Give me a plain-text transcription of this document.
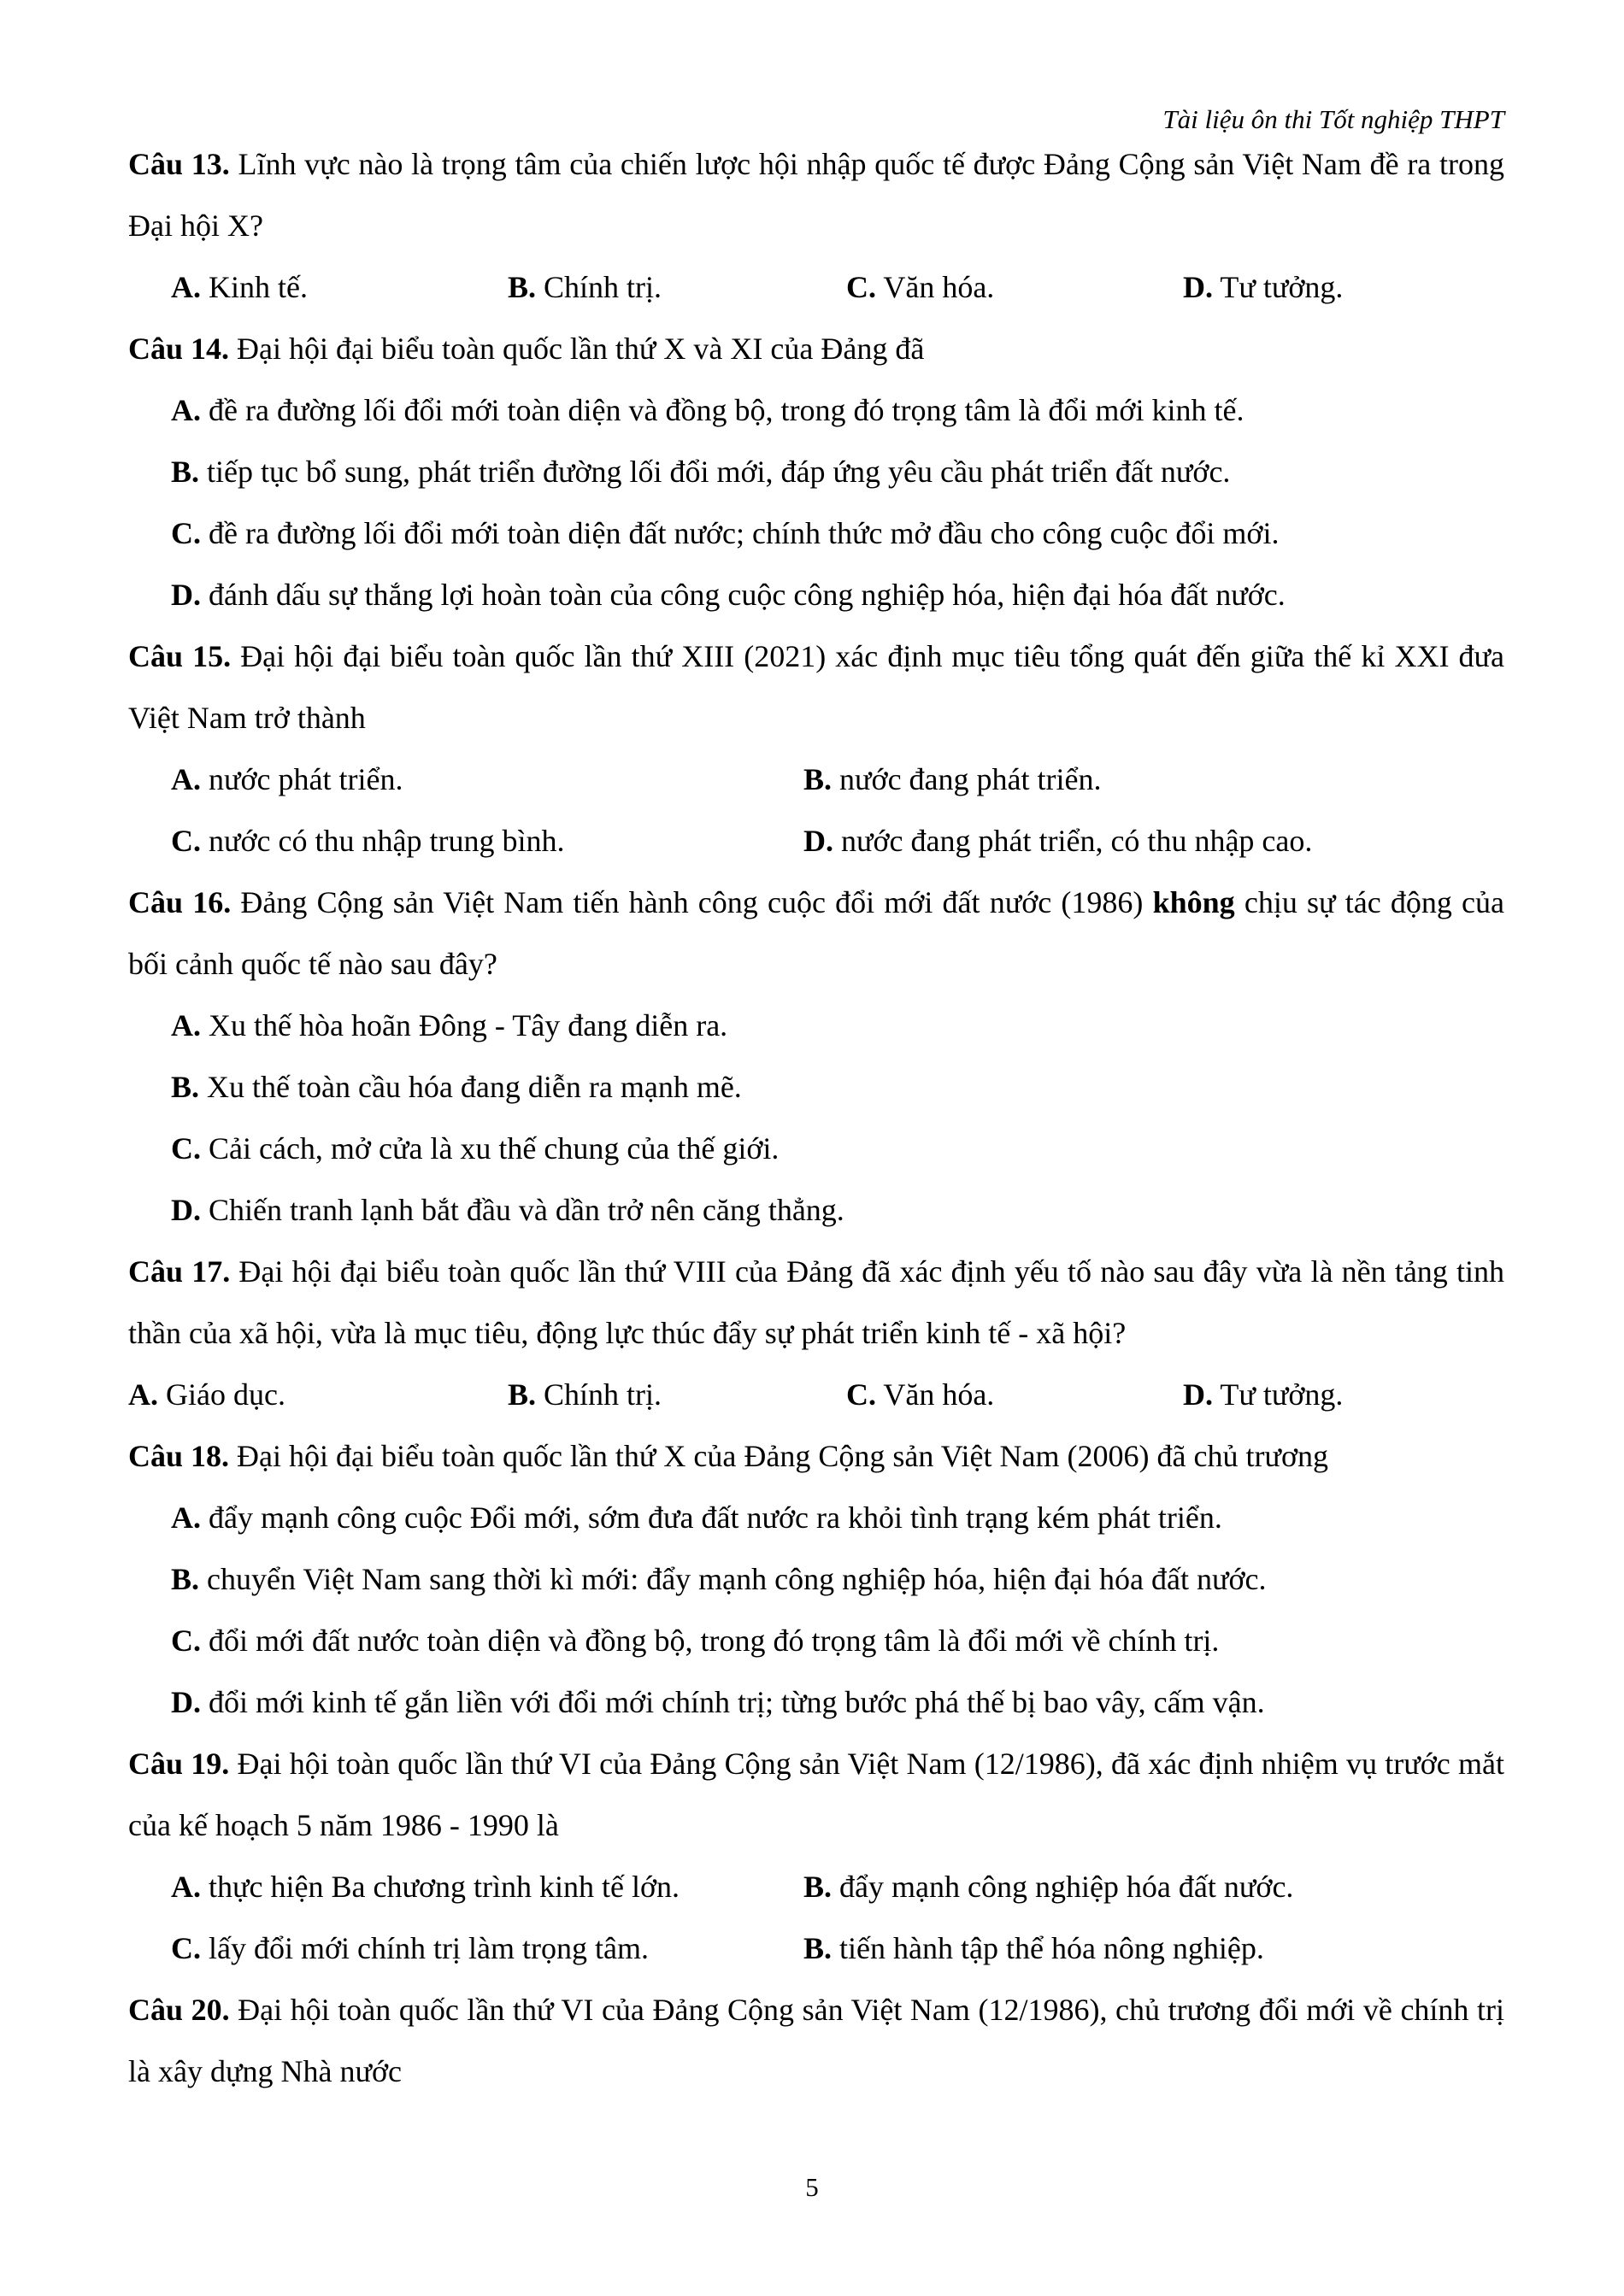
Tài liệu ôn thi Tốt nghiệp THPT
Câu 13. Lĩnh vực nào là trọng tâm của chiến lược hội nhập quốc tế được Đảng Cộng sản Việt Nam đề ra trong Đại hội X?
A. Kinh tế.	B. Chính trị.	C. Văn hóa.	D. Tư tưởng.
Câu 14. Đại hội đại biểu toàn quốc lần thứ X và XI của Đảng đã
A. đề ra đường lối đổi mới toàn diện và đồng bộ, trong đó trọng tâm là đổi mới kinh tế.
B. tiếp tục bổ sung, phát triển đường lối đổi mới, đáp ứng yêu cầu phát triển đất nước.
C. đề ra đường lối đổi mới toàn diện đất nước; chính thức mở đầu cho công cuộc đổi mới.
D. đánh dấu sự thắng lợi hoàn toàn của công cuộc công nghiệp hóa, hiện đại hóa đất nước.
Câu 15. Đại hội đại biểu toàn quốc lần thứ XIII (2021) xác định mục tiêu tổng quát đến giữa thế kỉ XXI đưa Việt Nam trở thành
A. nước phát triển.	B. nước đang phát triển.
C. nước có thu nhập trung bình.	D. nước đang phát triển, có thu nhập cao.
Câu 16. Đảng Cộng sản Việt Nam tiến hành công cuộc đổi mới đất nước (1986) không chịu sự tác động của bối cảnh quốc tế nào sau đây?
A. Xu thế hòa hoãn Đông - Tây đang diễn ra.
B. Xu thế toàn cầu hóa đang diễn ra mạnh mẽ.
C. Cải cách, mở cửa là xu thế chung của thế giới.
D. Chiến tranh lạnh bắt đầu và dần trở nên căng thẳng.
Câu 17. Đại hội đại biểu toàn quốc lần thứ VIII của Đảng đã xác định yếu tố nào sau đây vừa là nền tảng tinh thần của xã hội, vừa là mục tiêu, động lực thúc đẩy sự phát triển kinh tế - xã hội?
A. Giáo dục.	B. Chính trị.	C. Văn hóa.	D. Tư tưởng.
Câu 18. Đại hội đại biểu toàn quốc lần thứ X của Đảng Cộng sản Việt Nam (2006) đã chủ trương
A. đẩy mạnh công cuộc Đổi mới, sớm đưa đất nước ra khỏi tình trạng kém phát triển.
B. chuyển Việt Nam sang thời kì mới: đẩy mạnh công nghiệp hóa, hiện đại hóa đất nước.
C. đổi mới đất nước toàn diện và đồng bộ, trong đó trọng tâm là đổi mới về chính trị.
D. đổi mới kinh tế gắn liền với đổi mới chính trị; từng bước phá thế bị bao vây, cấm vận.
Câu 19. Đại hội toàn quốc lần thứ VI của Đảng Cộng sản Việt Nam (12/1986), đã xác định nhiệm vụ trước mắt của kế hoạch 5 năm 1986 - 1990 là
A. thực hiện Ba chương trình kinh tế lớn.	B. đẩy mạnh công nghiệp hóa đất nước.
C. lấy đổi mới chính trị làm trọng tâm.	B. tiến hành tập thể hóa nông nghiệp.
Câu 20. Đại hội toàn quốc lần thứ VI của Đảng Cộng sản Việt Nam (12/1986), chủ trương đổi mới về chính trị là xây dựng Nhà nước
5
